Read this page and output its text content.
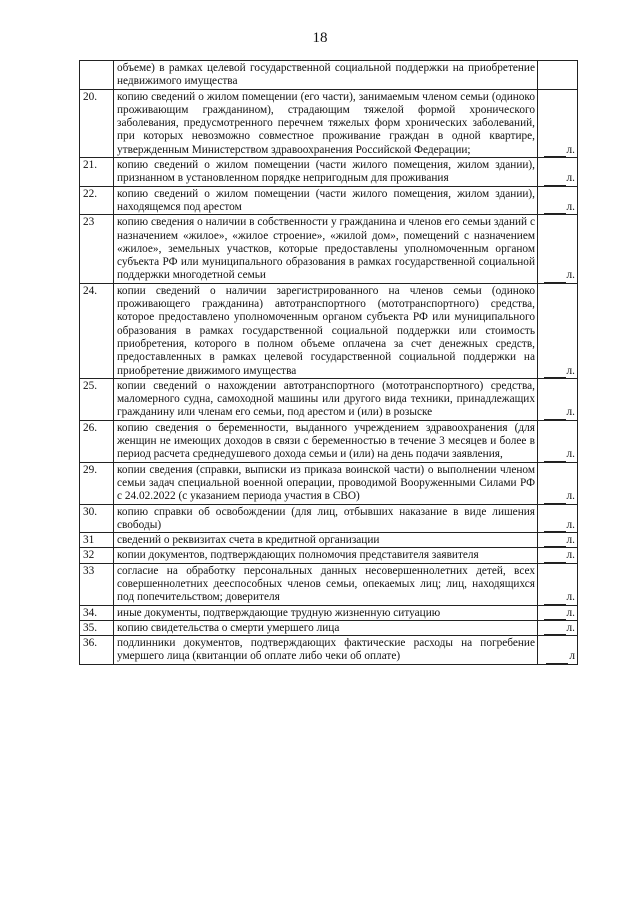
18
	объеме) в рамках целевой государственной социальной поддержки на приобретение недвижимого имущества	
20.	копию сведений о жилом помещении (его части), занимаемым членом семьи (одиноко проживающим гражданином), страдающим тяжелой формой хронического заболевания, предусмотренного перечнем тяжелых форм хронических заболеваний, при которых невозможно совместное проживание граждан в одной квартире, утвержденным Министерством здравоохранения Российской Федерации;	л.
21.	копию сведений о жилом помещении (части жилого помещения, жилом здании), признанном в установленном порядке непригодным для проживания	л.
22.	копию сведений о жилом помещении (части жилого помещения, жилом здании), находящемся под арестом	л.
23	копию сведения о наличии в собственности у гражданина и членов его семьи зданий с назначением «жилое», «жилое строение», «жилой дом», помещений с назначением «жилое», земельных участков, которые предоставлены уполномоченным органом субъекта РФ или муниципального образования в рамках государственной социальной поддержки многодетной семьи	л.
24.	копии сведений о наличии зарегистрированного на членов семьи (одиноко проживающего гражданина) автотранспортного (мототранспортного) средства, которое предоставлено уполномоченным органом субъекта РФ или муниципального образования в рамках государственной социальной поддержки или стоимость приобретения, которого в полном объеме оплачена за счет денежных средств, предоставленных в рамках целевой государственной социальной поддержки на приобретение движимого имущества	л.
25.	копии сведений о нахождении автотранспортного (мототранспортного) средства, маломерного судна, самоходной машины или другого вида техники, принадлежащих гражданину или членам его семьи, под арестом и (или) в розыске	л.
26.	копию сведения о беременности, выданного учреждением здравоохранения (для женщин не имеющих доходов в связи с беременностью в течение 3 месяцев и более в период расчета среднедушевого дохода семьи и (или) на день подачи заявления,	л.
29.	копии сведения (справки, выписки из приказа воинской части) о выполнении членом семьи задач специальной военной операции, проводимой Вооруженными Силами РФ с 24.02.2022 (с указанием периода участия в СВО)	л.
30.	копию справки об освобождении (для лиц, отбывших наказание в виде лишения свободы)	л.
31	сведений о реквизитах счета в кредитной организации	л.
32	копии документов, подтверждающих полномочия представителя заявителя	л.
33	согласие на обработку персональных данных несовершеннолетних детей, всех совершеннолетних дееспособных членов семьи, опекаемых лиц; лиц, находящихся под попечительством; доверителя	л.
34.	иные документы, подтверждающие трудную жизненную ситуацию	л.
35.	копию свидетельства о смерти умершего лица	л.
36.	подлинники документов, подтверждающих фактические расходы на погребение умершего лица (квитанции об оплате либо чеки об оплате)	л
